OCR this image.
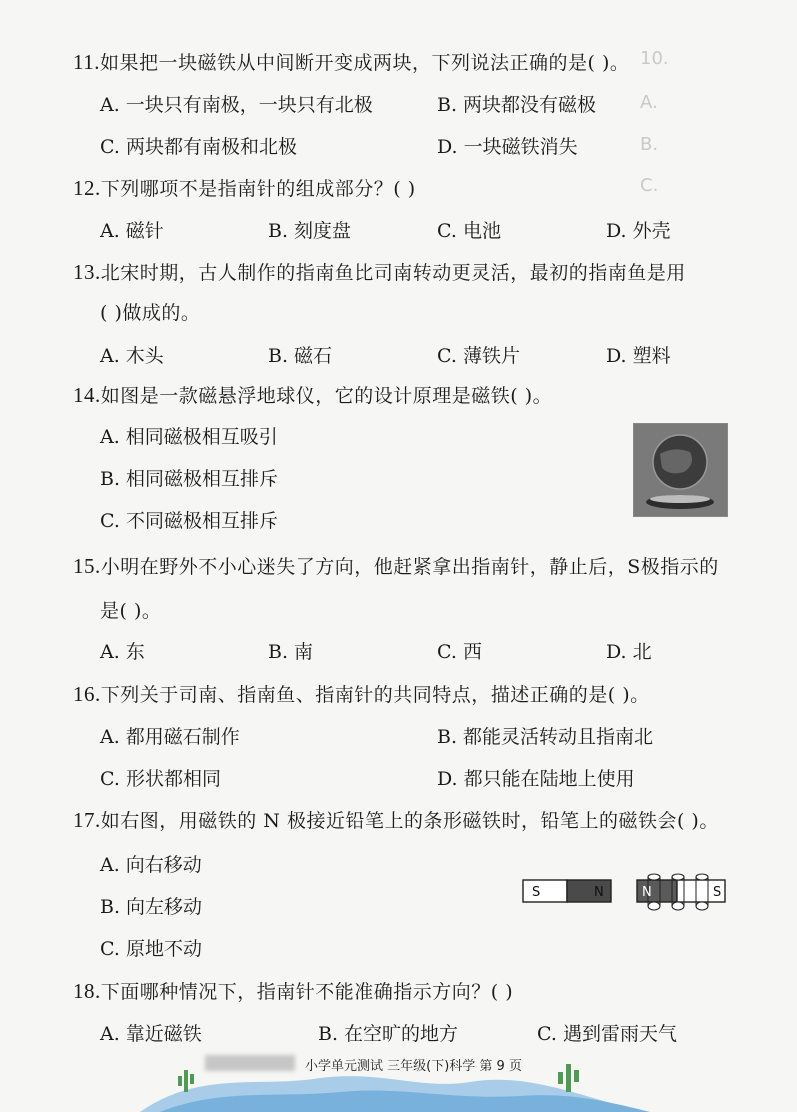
10.
A.
B.
C.
11.如果把一块磁铁从中间断开变成两块，下列说法正确的是( )。
A. 一块只有南极，一块只有北极	B. 两块都没有磁极
C. 两块都有南极和北极	D. 一块磁铁消失
12.下列哪项不是指南针的组成部分？( )
A. 磁针	B. 刻度盘	C. 电池	D. 外壳
13.北宋时期，古人制作的指南鱼比司南转动更灵活，最初的指南鱼是用
( )做成的。
A. 木头	B. 磁石	C. 薄铁片	D. 塑料
14.如图是一款磁悬浮地球仪，它的设计原理是磁铁( )。
A. 相同磁极相互吸引
B. 相同磁极相互排斥
C. 不同磁极相互排斥
15.小明在野外不小心迷失了方向，他赶紧拿出指南针，静止后，S极指示的
是( )。
A. 东	B. 南	C. 西	D. 北
16.下列关于司南、指南鱼、指南针的共同特点，描述正确的是( )。
A. 都用磁石制作	B. 都能灵活转动且指南北
C. 形状都相同	D. 都只能在陆地上使用
17.如右图，用磁铁的 N 极接近铅笔上的条形磁铁时，铅笔上的磁铁会( )。
A. 向右移动
B. 向左移动
C. 原地不动
S	N	N	S
18.下面哪种情况下，指南针不能准确指示方向？( )
A. 靠近磁铁	B. 在空旷的地方	C. 遇到雷雨天气
小学单元测试 三年级(下)科学 第 9 页
